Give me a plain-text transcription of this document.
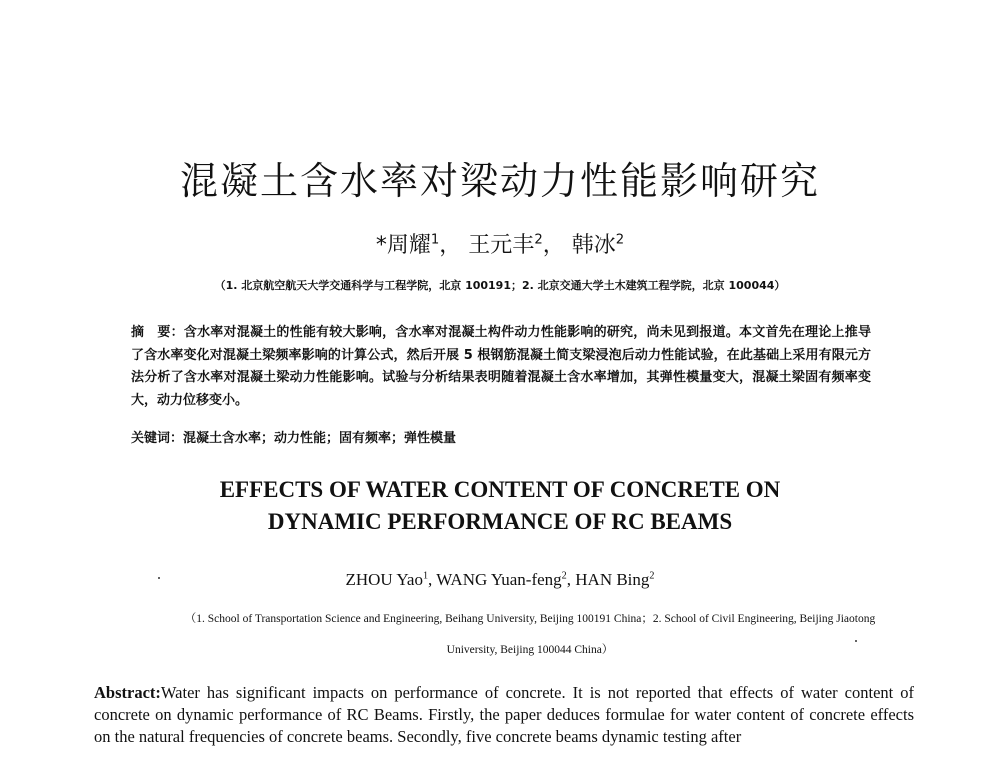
混凝土含水率对梁动力性能影响研究
*周耀$^1$， 王元丰$^2$， 韩冰$^2$
（1. 北京航空航天大学交通科学与工程学院，北京 100191；2. 北京交通大学土木建筑工程学院，北京 100044）
摘　要：含水率对混凝土的性能有较大影响，含水率对混凝土构件动力性能影响的研究，尚未见到报道。本文首先在理论上推导了含水率变化对混凝土梁频率影响的计算公式，然后开展 5 根钢筋混凝土简支梁浸泡后动力性能试验，在此基础上采用有限元方法分析了含水率对混凝土梁动力性能影响。试验与分析结果表明随着混凝土含水率增加，其弹性模量变大，混凝土梁固有频率变大，动力位移变小。
关键词：混凝土含水率；动力性能；固有频率；弹性模量
EFFECTS OF WATER CONTENT OF CONCRETE ON
DYNAMIC PERFORMANCE OF RC BEAMS
ZHOU Yao$^1$, WANG Yuan-feng$^2$, HAN Bing$^2$
（1. School of Transportation Science and Engineering, Beihang University, Beijing 100191 China；2. School of Civil Engineering, Beijing Jiaotong
University, Beijing 100044 China）
Abstract:Water has significant impacts on performance of concrete. It is not reported that effects of water content of concrete on dynamic performance of RC Beams. Firstly, the paper deduces formulae for water content of concrete effects on the natural frequencies of concrete beams. Secondly, five concrete beams dynamic testing after
